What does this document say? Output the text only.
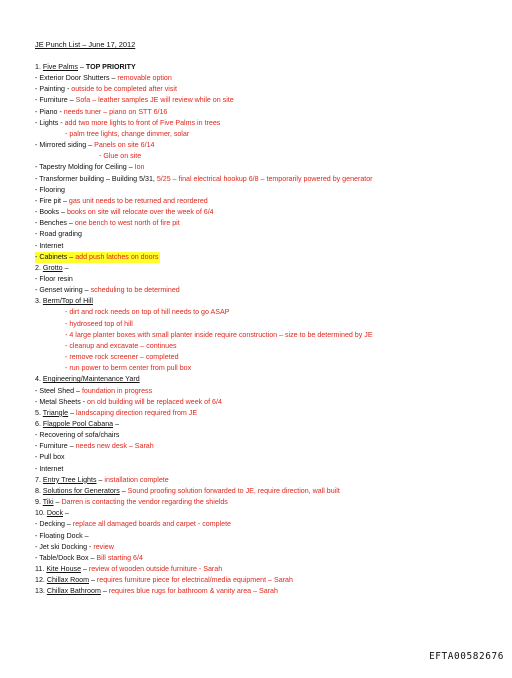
JE Punch List – June 17, 2012
1. Five Palms – TOP PRIORITY
- Exterior Door Shutters – removable option
- Painting - outside to be completed after visit
- Furniture – Sofa – leather samples JE will review while on site
- Piano - needs tuner – piano on STT 6/16
- Lights - add two more lights to front of Five Palms in trees
- palm tree lights, change dimmer, solar
- Mirrored siding – Panels on site 6/14
- Glue on site
- Tapestry Molding for Ceiling – Ion
- Transformer building – Building 5/31, 5/25 – final electrical hookup 6/8 – temporarily powered by generator
- Flooring
- Fire pit – gas unit needs to be returned and reordered
- Books – books on site will relocate over the week of 6/4
- Benches – one bench to west north of fire pit
- Road grading
- Internet
- Cabinets – add push latches on doors
2. Grotto –
- Floor resin
- Genset wiring – scheduling to be determined
3. Berm/Top of Hill
- dirt and rock needs on top of hill needs to go ASAP
- hydroseed top of hill
- 4 large planter boxes with small planter inside require construction – size to be determined by JE
- cleanup and excavate – continues
- remove rock screener – completed
- run power to berm center from pull box
4. Engineering/Maintenance Yard
- Steel Shed – foundation in progress
- Metal Sheets - on old building will be replaced week of 6/4
5. Triangle – landscaping direction required from JE
6. Flagpole Pool Cabana –
- Recovering of sofa/chairs
- Furniture – needs new desk – Sarah
- Pull box
- Internet
7. Entry Tree Lights – installation complete
8. Solutions for Generators – Sound proofing solution forwarded to JE, require direction, wall built
9. Tiki – Darren is contacting the vendor regarding the shields
10. Dock –
- Decking – replace all damaged boards and carpet - complete
- Floating Dock –
- Jet ski Docking - review
- Table/Dock Box – Bill starting 6/4
11. Kite House – review of wooden outside furniture - Sarah
12. Chillax Room – requires furniture piece for electrical/media equipment – Sarah
13. Chillax Bathroom – requires blue rugs for bathroom & vanity area – Sarah
EFTA00582676
